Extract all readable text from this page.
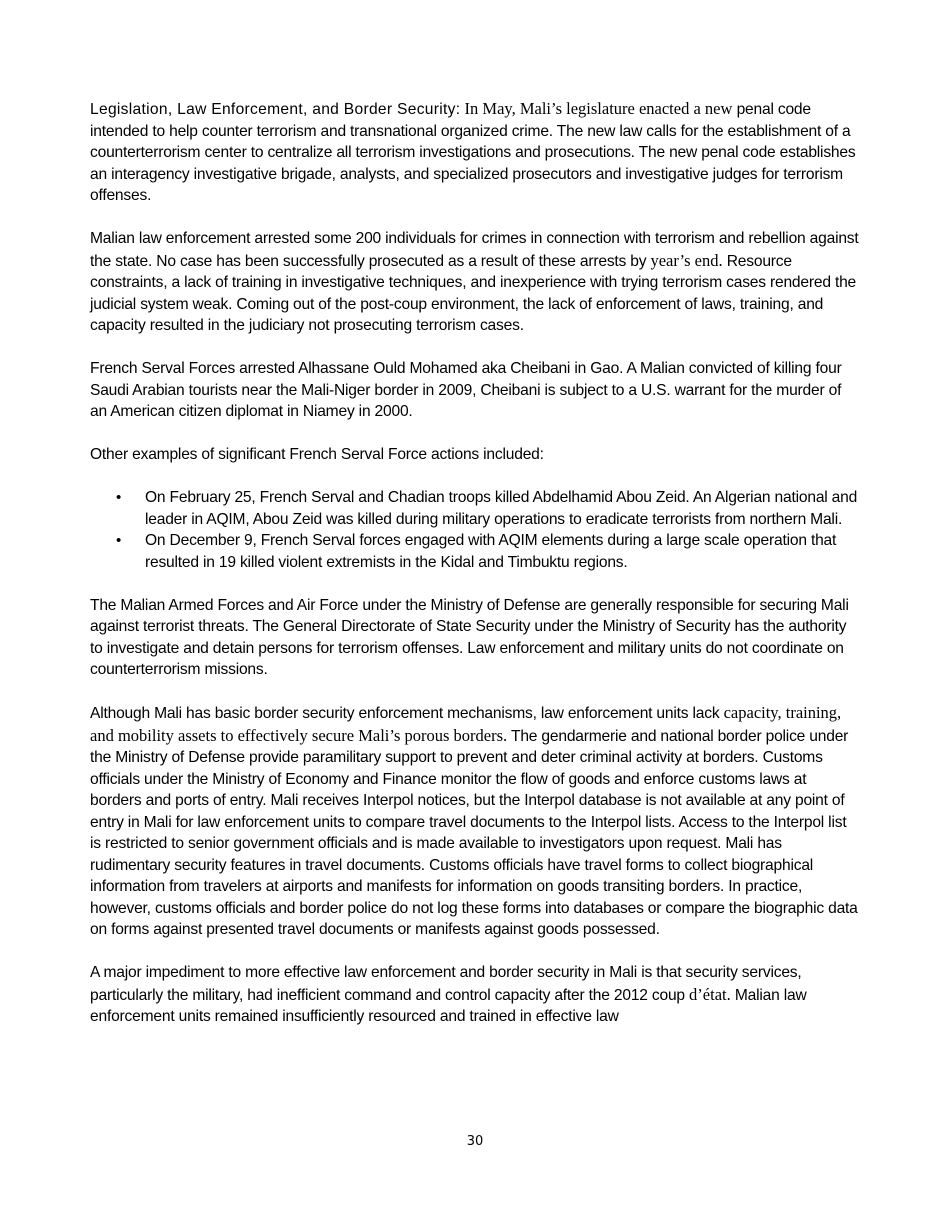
Legislation, Law Enforcement, and Border Security: In May, Mali’s legislature enacted a new penal code intended to help counter terrorism and transnational organized crime. The new law calls for the establishment of a counterterrorism center to centralize all terrorism investigations and prosecutions. The new penal code establishes an interagency investigative brigade, analysts, and specialized prosecutors and investigative judges for terrorism offenses.

Malian law enforcement arrested some 200 individuals for crimes in connection with terrorism and rebellion against the state. No case has been successfully prosecuted as a result of these arrests by year’s end. Resource constraints, a lack of training in investigative techniques, and inexperience with trying terrorism cases rendered the judicial system weak. Coming out of the post-coup environment, the lack of enforcement of laws, training, and capacity resulted in the judiciary not prosecuting terrorism cases.

French Serval Forces arrested Alhassane Ould Mohamed aka Cheibani in Gao. A Malian convicted of killing four Saudi Arabian tourists near the Mali-Niger border in 2009, Cheibani is subject to a U.S. warrant for the murder of an American citizen diplomat in Niamey in 2000.

Other examples of significant French Serval Force actions included:

• On February 25, French Serval and Chadian troops killed Abdelhamid Abou Zeid. An Algerian national and leader in AQIM, Abou Zeid was killed during military operations to eradicate terrorists from northern Mali.
• On December 9, French Serval forces engaged with AQIM elements during a large scale operation that resulted in 19 killed violent extremists in the Kidal and Timbuktu regions.

The Malian Armed Forces and Air Force under the Ministry of Defense are generally responsible for securing Mali against terrorist threats. The General Directorate of State Security under the Ministry of Security has the authority to investigate and detain persons for terrorism offenses. Law enforcement and military units do not coordinate on counterterrorism missions.

Although Mali has basic border security enforcement mechanisms, law enforcement units lack capacity, training, and mobility assets to effectively secure Mali’s porous borders. The gendarmerie and national border police under the Ministry of Defense provide paramilitary support to prevent and deter criminal activity at borders. Customs officials under the Ministry of Economy and Finance monitor the flow of goods and enforce customs laws at borders and ports of entry. Mali receives Interpol notices, but the Interpol database is not available at any point of entry in Mali for law enforcement units to compare travel documents to the Interpol lists. Access to the Interpol list is restricted to senior government officials and is made available to investigators upon request. Mali has rudimentary security features in travel documents. Customs officials have travel forms to collect biographical information from travelers at airports and manifests for information on goods transiting borders. In practice, however, customs officials and border police do not log these forms into databases or compare the biographic data on forms against presented travel documents or manifests against goods possessed.

A major impediment to more effective law enforcement and border security in Mali is that security services, particularly the military, had inefficient command and control capacity after the 2012 coup d’état. Malian law enforcement units remained insufficiently resourced and trained in effective law

30
